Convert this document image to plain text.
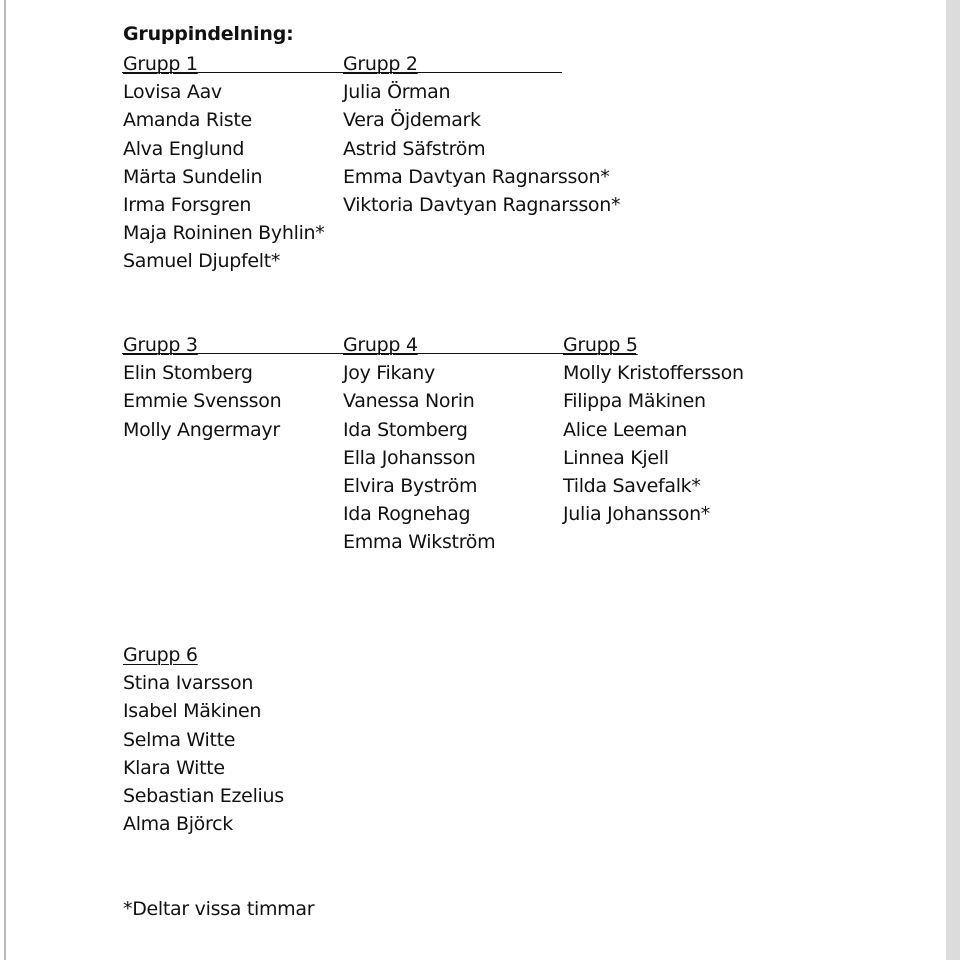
Gruppindelning:
Grupp 1
Lovisa Aav
Amanda Riste
Alva Englund
Märta Sundelin
Irma Forsgren
Maja Roininen Byhlin*
Samuel Djupfelt*
Grupp 2
Julia Örman
Vera Öjdemark
Astrid Säfström
Emma Davtyan Ragnarsson*
Viktoria Davtyan Ragnarsson*
Grupp 3
Elin Stomberg
Emmie Svensson
Molly Angermayr
Grupp 4
Joy Fikany
Vanessa Norin
Ida Stomberg
Ella Johansson
Elvira Byström
Ida Rognehag
Emma Wikström
Grupp 5
Molly Kristoffersson
Filippa Mäkinen
Alice Leeman
Linnea Kjell
Tilda Savefalk*
Julia Johansson*
Grupp 6
Stina Ivarsson
Isabel Mäkinen
Selma Witte
Klara Witte
Sebastian Ezelius
Alma Björck
*Deltar vissa timmar
